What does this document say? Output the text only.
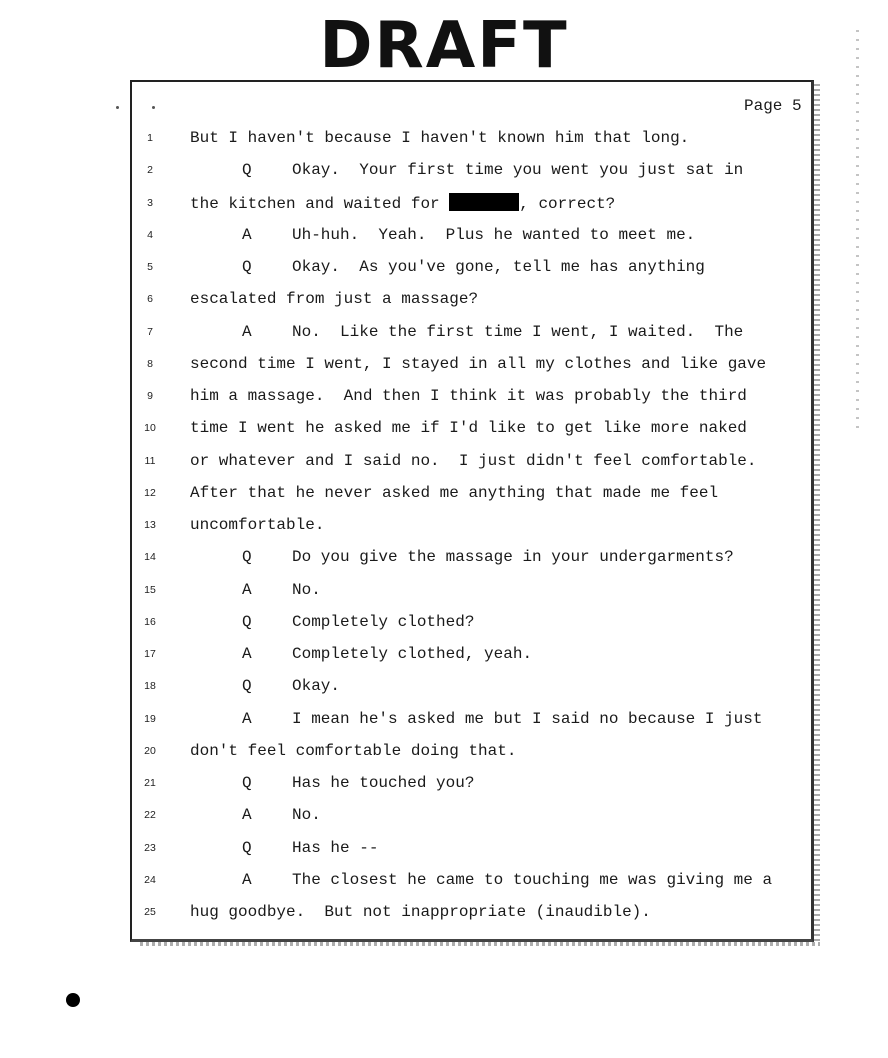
DRAFT
Page 5
1	But I haven't because I haven't known him that long.
2	Q	Okay.  Your first time you went you just sat in
3	the kitchen and waited for	, correct?
4	A	Uh-huh.  Yeah.  Plus he wanted to meet me.
5	Q	Okay.  As you've gone, tell me has anything
6	escalated from just a massage?
7	A	No.  Like the first time I went, I waited.  The
8	second time I went, I stayed in all my clothes and like gave
9	him a massage.  And then I think it was probably the third
10	time I went he asked me if I'd like to get like more naked
11	or whatever and I said no.  I just didn't feel comfortable.
12	After that he never asked me anything that made me feel
13	uncomfortable.
14	Q	Do you give the massage in your undergarments?
15	A	No.
16	Q	Completely clothed?
17	A	Completely clothed, yeah.
18	Q	Okay.
19	A	I mean he's asked me but I said no because I just
20	don't feel comfortable doing that.
21	Q	Has he touched you?
22	A	No.
23	Q	Has he --
24	A	The closest he came to touching me was giving me a
25	hug goodbye.  But not inappropriate (inaudible).
